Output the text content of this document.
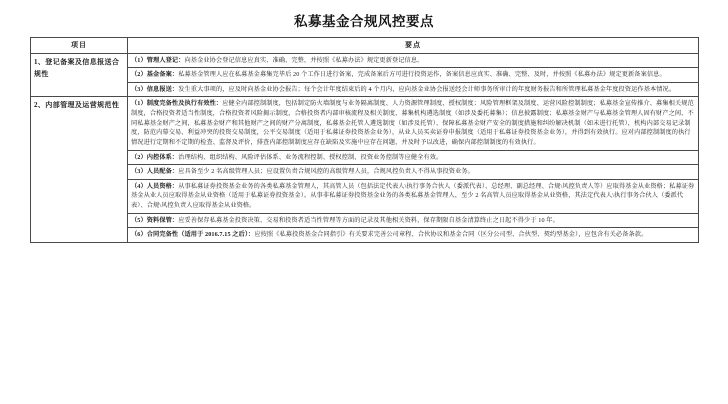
私募基金合规风控要点
项目	要点
1、登记备案及信息报送合规性	（1）管理人登记：向基金业协会登记信息应真实、准确、完整，并按照《私募办法》规定更新登记信息。
	（2）基金备案：私募基金管理人应在私募基金募集完毕后 20 个工作日进行备案，完成备案后方可进行投资运作，备案信息应真实、准确、完整、及时，并按照《私募办法》规定更新备案信息。
	（3）信息报送：发生重大事项的，应及时向基金业协会报告；每个会计年度结束后的 4 个月内，应向基金业协会报送经会计师事务所审计的年度财务报告和所管理私募基金年度投资运作基本情况。
2、内部管理及运营规范性	（1）制度完备性及执行有效性：应健全内部控制制度，包括制定防火墙制度与业务隔离制度、人力资源管理制度、授权制度；风险管理框架及制度、运营风险控制制度；私募基金宣传推介、募集相关规范制度，合格投资者适当性制度，合格投资者风险揭示制度，合格投资者内部审核流程及相关制度，募集机构遴选制度（如涉及委托募集）；信息披露制度；私募基金财产与私募基金管理人固有财产之间、不同私募基金财产之间，私募基金财产和其他财产之间的财产分离制度，私募基金托管人遴选制度（如涉及托管）、保障私募基金财产安全的制度措施和纠纷解决机制（如未进行托管），机构内部交易记录制度，防范内幕交易、利益冲突的投资交易制度，公平交易制度（适用于私募证券投资基金业务），从业人员买卖证券申报制度（适用于私募证券投资基金业务），并得到有效执行。应对内部控制制度的执行情况进行定期和不定期的检查、监督及评价，排查内部控制制度应存在缺陷及实施中应存在问题，并及时予以改进，确保内部控制制度的有效执行。
	（2）内控体系：治理结构、组织结构、风险评估体系、业务流程控制、授权控制、投资业务控制等应健全有效。
	（3）人员配备：应具备至少 2 名高级管理人员；应设置负责合规风控的高级管理人员，合规风控负责人不得从事投资业务。
	（4）人员资格：从事私募证券投资基金业务的各类私募基金管理人，其高管人员（包括法定代表人\执行事务合伙人（委派代表）、总经理、副总经理、合规\风控负责人等）应取得基金从业资格；私募证券基金从业人员应取得基金从业资格（适用于私募证券投资基金）。从事非私募证券投资基金业务的各类私募基金管理人，至少 2 名高管人员应取得基金从业资格，其法定代表人\执行事务合伙人（委派代表）、合规\风控负责人应取得基金从业资格。
	（5）资料保管：应妥善保存私募基金投资决策、交易和投资者适当性管理等方面的记录及其他相关资料，保存期限自基金清算终止之日起不得少于 10 年。
	（6）合同完备性（适用于 2016.7.15 之后）：应按照《私募投资基金合同指引》有关要求完善公司章程、合伙协议和基金合同（区分公司型、合伙型、契约型基金），应包含有关必备条款。
